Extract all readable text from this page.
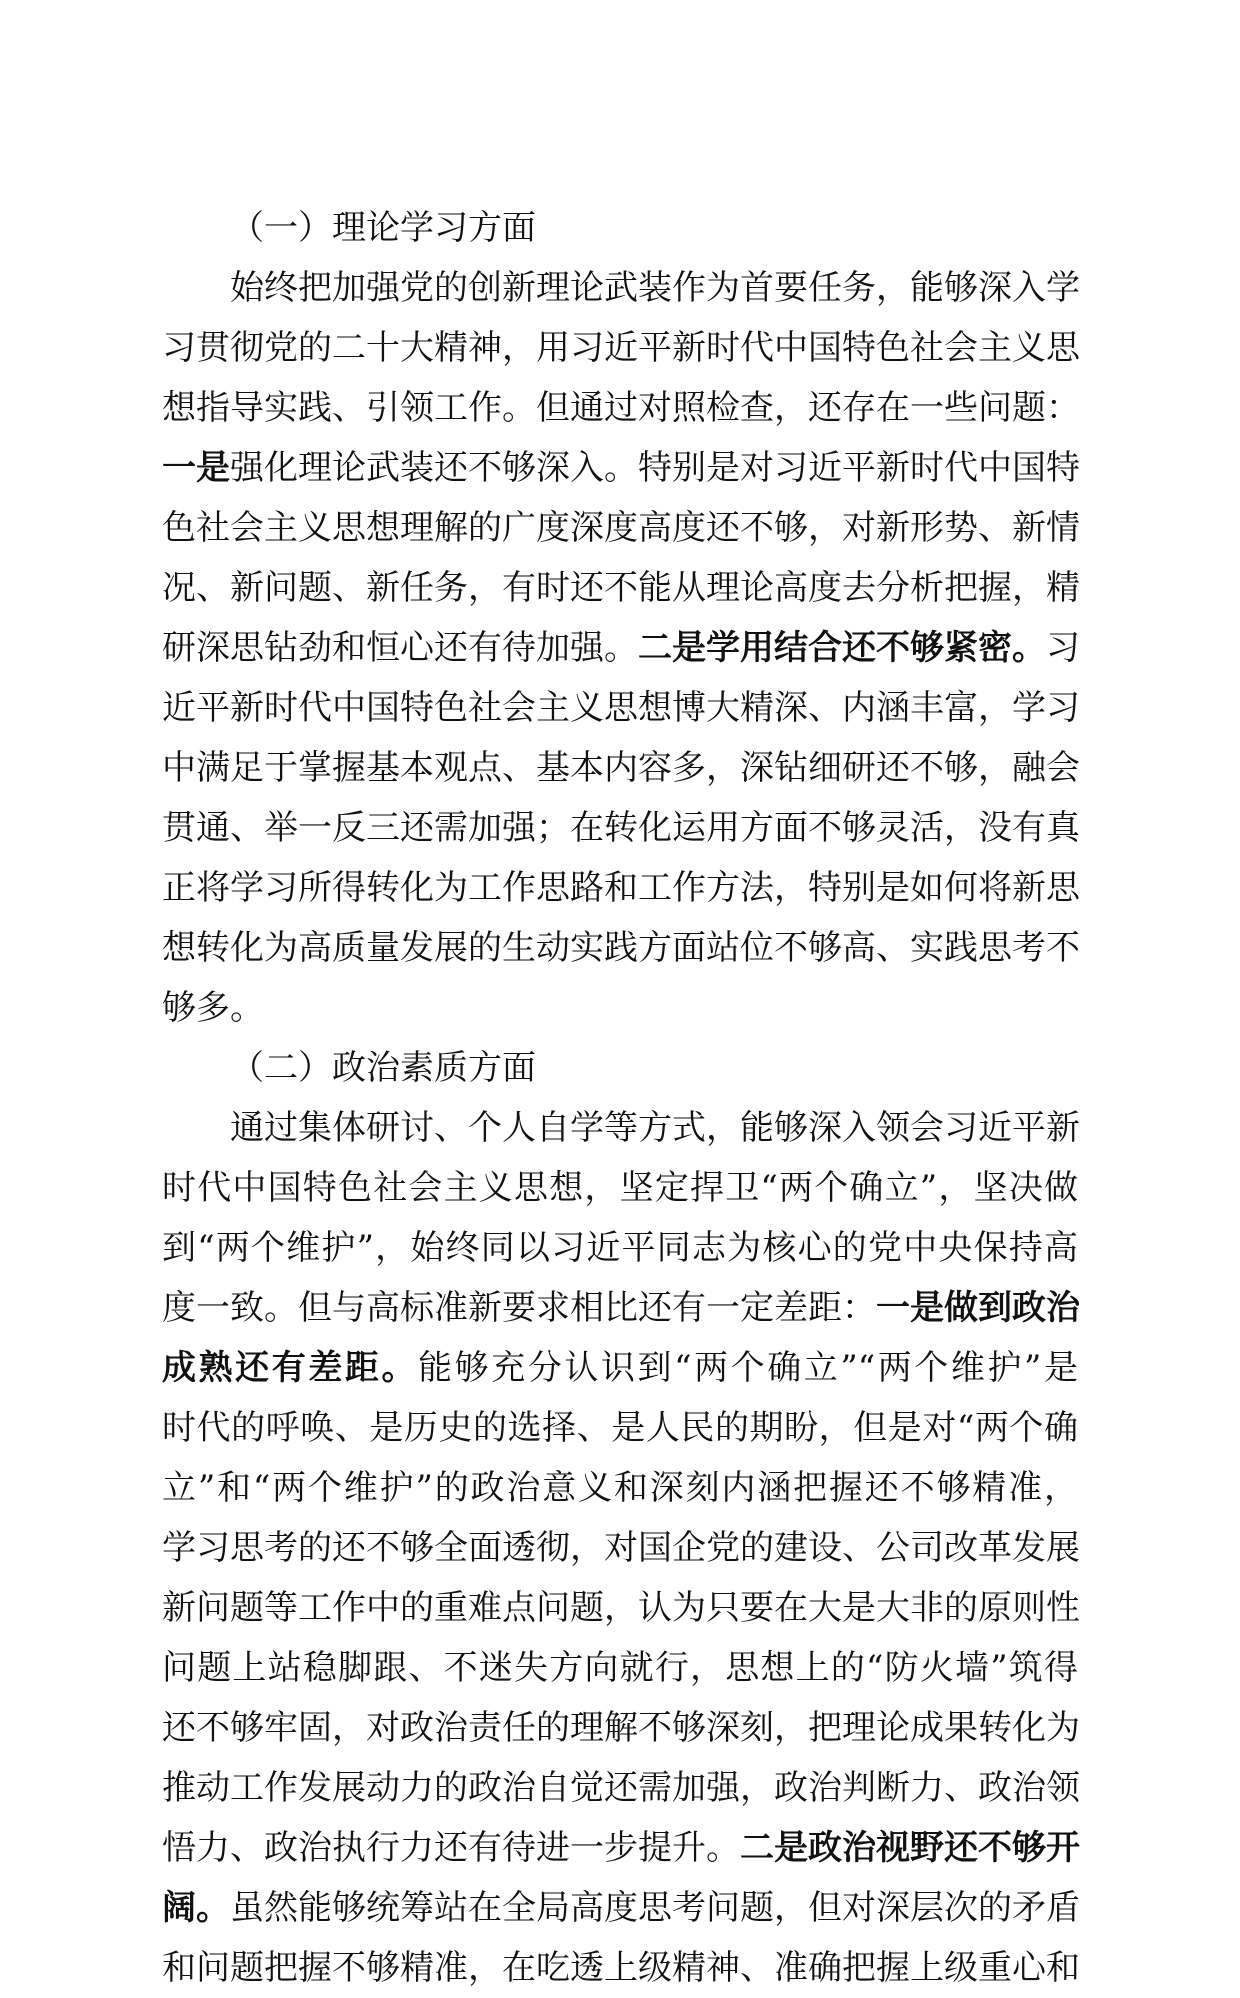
（一）理论学习方面
始终把加强党的创新理论武装作为首要任务，能够深入学
习贯彻党的二十大精神，用习近平新时代中国特色社会主义思
想指导实践、引领工作。但通过对照检查，还存在一些问题：
一是强化理论武装还不够深入。特别是对习近平新时代中国特
色社会主义思想理解的广度深度高度还不够，对新形势、新情
况、新问题、新任务，有时还不能从理论高度去分析把握，精
研深思钻劲和恒心还有待加强。二是学用结合还不够紧密。习
近平新时代中国特色社会主义思想博大精深、内涵丰富，学习
中满足于掌握基本观点、基本内容多，深钻细研还不够，融会
贯通、举一反三还需加强；在转化运用方面不够灵活，没有真
正将学习所得转化为工作思路和工作方法，特别是如何将新思
想转化为高质量发展的生动实践方面站位不够高、实践思考不
够多。
（二）政治素质方面
通过集体研讨、个人自学等方式，能够深入领会习近平新
时代中国特色社会主义思想，坚定捍卫“两个确立”，坚决做
到“两个维护”，始终同以习近平同志为核心的党中央保持高
度一致。但与高标准新要求相比还有一定差距：一是做到政治
成熟还有差距。能够充分认识到“两个确立”“两个维护”是
时代的呼唤、是历史的选择、是人民的期盼，但是对“两个确
立”和“两个维护”的政治意义和深刻内涵把握还不够精准，
学习思考的还不够全面透彻，对国企党的建设、公司改革发展
新问题等工作中的重难点问题，认为只要在大是大非的原则性
问题上站稳脚跟、不迷失方向就行，思想上的“防火墙”筑得
还不够牢固，对政治责任的理解不够深刻，把理论成果转化为
推动工作发展动力的政治自觉还需加强，政治判断力、政治领
悟力、政治执行力还有待进一步提升。二是政治视野还不够开
阔。虽然能够统筹站在全局高度思考问题，但对深层次的矛盾
和问题把握不够精准，在吃透上级精神、准确把握上级重心和
